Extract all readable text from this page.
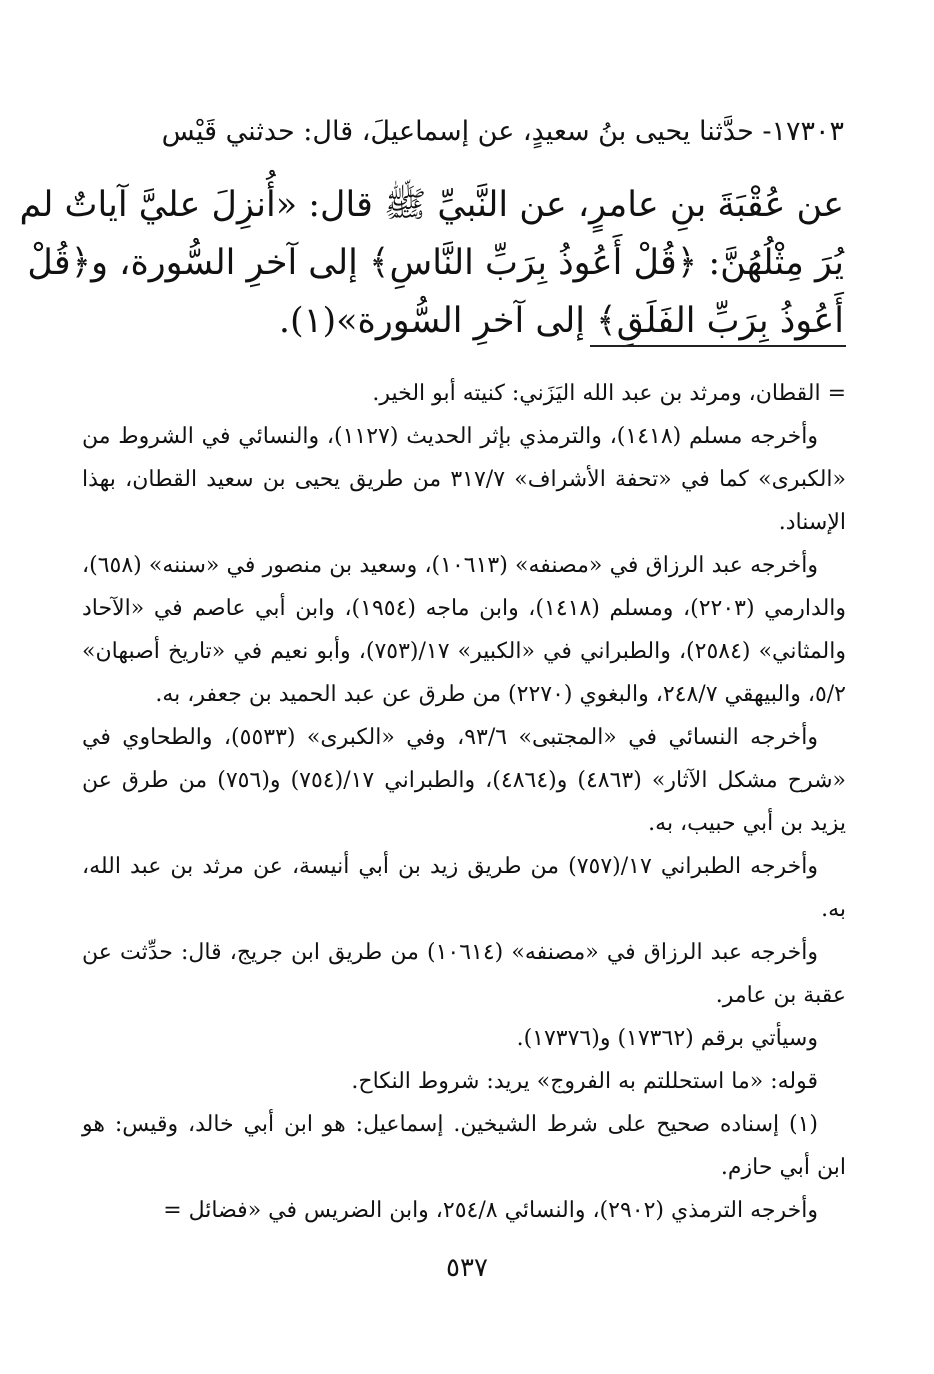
١٧٣٠٣- حدَّثنا يحيى بنُ سعيدٍ، عن إسماعيلَ، قال: حدثني قَيْس

عن عُقْبَةَ بنِ عامرٍ، عن النَّبيِّ ﷺ قال: «أُنزِلَ عليَّ آياتٌ لم

يُرَ مِثْلُهُنَّ: ﴿قُلْ أَعُوذُ بِرَبِّ النَّاسِ﴾ إلى آخرِ السُّورة، و﴿قُلْ

أَعُوذُ بِرَبِّ الفَلَقِ﴾ إلى آخرِ السُّورة»(١).

= القطان، ومرثد بن عبد الله اليَزَني: كنيته أبو الخير.

وأخرجه مسلم (١٤١٨)، والترمذي بإثر الحديث (١١٢٧)، والنسائي في الشروط من «الكبرى» كما في «تحفة الأشراف» ٣١٧/٧ من طريق يحيى بن سعيد القطان، بهذا الإسناد.

وأخرجه عبد الرزاق في «مصنفه» (١٠٦١٣)، وسعيد بن منصور في «سننه» (٦٥٨)، والدارمي (٢٢٠٣)، ومسلم (١٤١٨)، وابن ماجه (١٩٥٤)، وابن أبي عاصم في «الآحاد والمثاني» (٢٥٨٤)، والطبراني في «الكبير» ١٧/(٧٥٣)، وأبو نعيم في «تاريخ أصبهان» ٥/٢، والبيهقي ٢٤٨/٧، والبغوي (٢٢٧٠) من طرق عن عبد الحميد بن جعفر، به.

وأخرجه النسائي في «المجتبى» ٩٣/٦، وفي «الكبرى» (٥٥٣٣)، والطحاوي في «شرح مشكل الآثار» (٤٨٦٣) و(٤٨٦٤)، والطبراني ١٧/(٧٥٤) و(٧٥٦) من طرق عن يزيد بن أبي حبيب، به.

وأخرجه الطبراني ١٧/(٧٥٧) من طريق زيد بن أبي أنيسة، عن مرثد بن عبد الله، به.

وأخرجه عبد الرزاق في «مصنفه» (١٠٦١٤) من طريق ابن جريج، قال: حدِّثت عن عقبة بن عامر.

وسيأتي برقم (١٧٣٦٢) و(١٧٣٧٦).

قوله: «ما استحللتم به الفروج» يريد: شروط النكاح.

(١) إسناده صحيح على شرط الشيخين. إسماعيل: هو ابن أبي خالد، وقيس: هو ابن أبي حازم.

وأخرجه الترمذي (٢٩٠٢)، والنسائي ٢٥٤/٨، وابن الضريس في «فضائل =

٥٣٧
